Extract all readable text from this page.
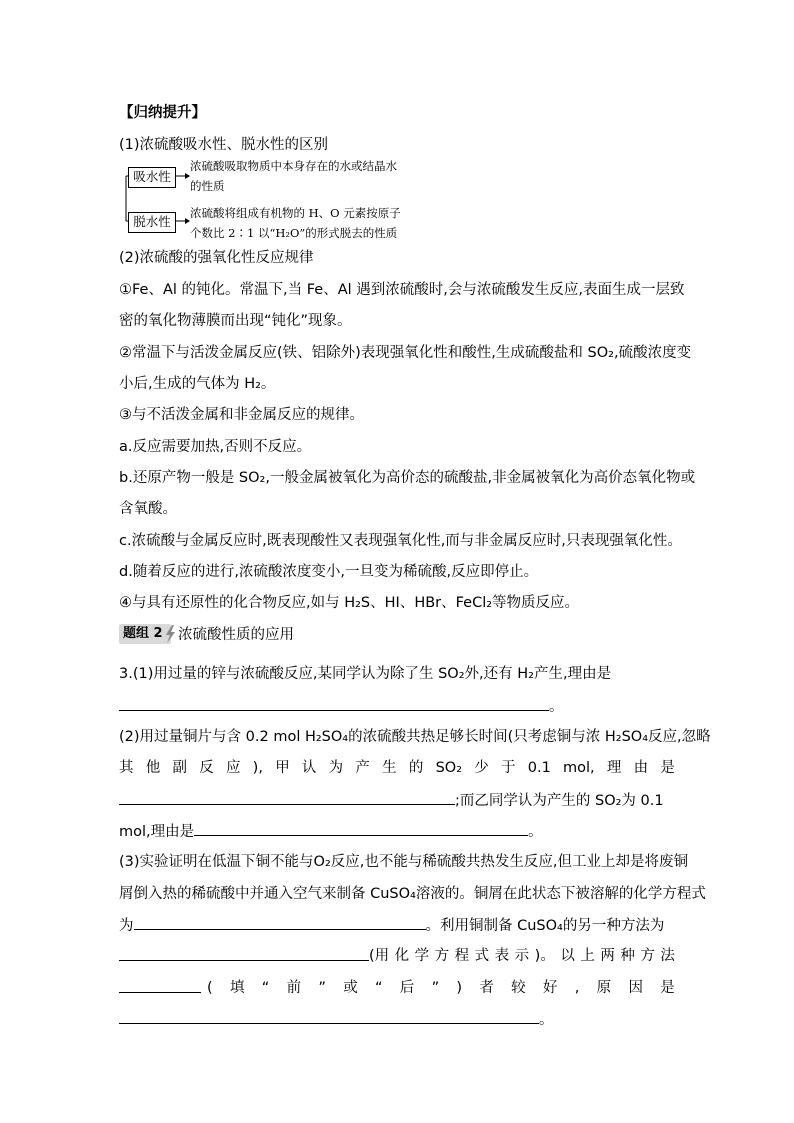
【归纳提升】
(1)浓硫酸吸水性、脱水性的区别
吸水性
脱水性
浓硫酸吸取物质中本身存在的水或结晶水
的性质
浓硫酸将组成有机物的 H、O 元素按原子
个数比 2∶1 以“H₂O”的形式脱去的性质
(2)浓硫酸的强氧化性反应规律
①Fe、Al 的钝化。常温下,当 Fe、Al 遇到浓硫酸时,会与浓硫酸发生反应,表面生成一层致
密的氧化物薄膜而出现“钝化”现象。
②常温下与活泼金属反应(铁、铝除外)表现强氧化性和酸性,生成硫酸盐和 SO₂,硫酸浓度变
小后,生成的气体为 H₂。
③与不活泼金属和非金属反应的规律。
a.反应需要加热,否则不反应。
b.还原产物一般是 SO₂,一般金属被氧化为高价态的硫酸盐,非金属被氧化为高价态氧化物或
含氧酸。
c.浓硫酸与金属反应时,既表现酸性又表现强氧化性,而与非金属反应时,只表现强氧化性。
d.随着反应的进行,浓硫酸浓度变小,一旦变为稀硫酸,反应即停止。
④与具有还原性的化合物反应,如与 H₂S、HI、HBr、FeCl₂等物质反应。
题组 2	浓硫酸性质的应用
3.(1)用过量的锌与浓硫酸反应,某同学认为除了生 SO₂外,还有 H₂产生,理由是
。
(2)用过量铜片与含 0.2 mol H₂SO₄的浓硫酸共热足够长时间(只考虑铜与浓 H₂SO₄反应,忽略
其 他 副 反 应 ), 甲 认 为 产 生 的 SO₂ 少 于 0.1 mol, 理 由 是
;而乙同学认为产生的 SO₂为 0.1
mol,理由是	。
(3)实验证明在低温下铜不能与O₂反应,也不能与稀硫酸共热发生反应,但工业上却是将废铜
屑倒入热的稀硫酸中并通入空气来制备 CuSO₄溶液的。铜屑在此状态下被溶解的化学方程式
为	。利用铜制备 CuSO₄的另一种方法为
(用 化 学 方 程 式 表 示 )。 以 上 两 种 方 法
( 填 “ 前 ” 或 “ 后 ” ) 者 较 好 , 原 因 是
。
